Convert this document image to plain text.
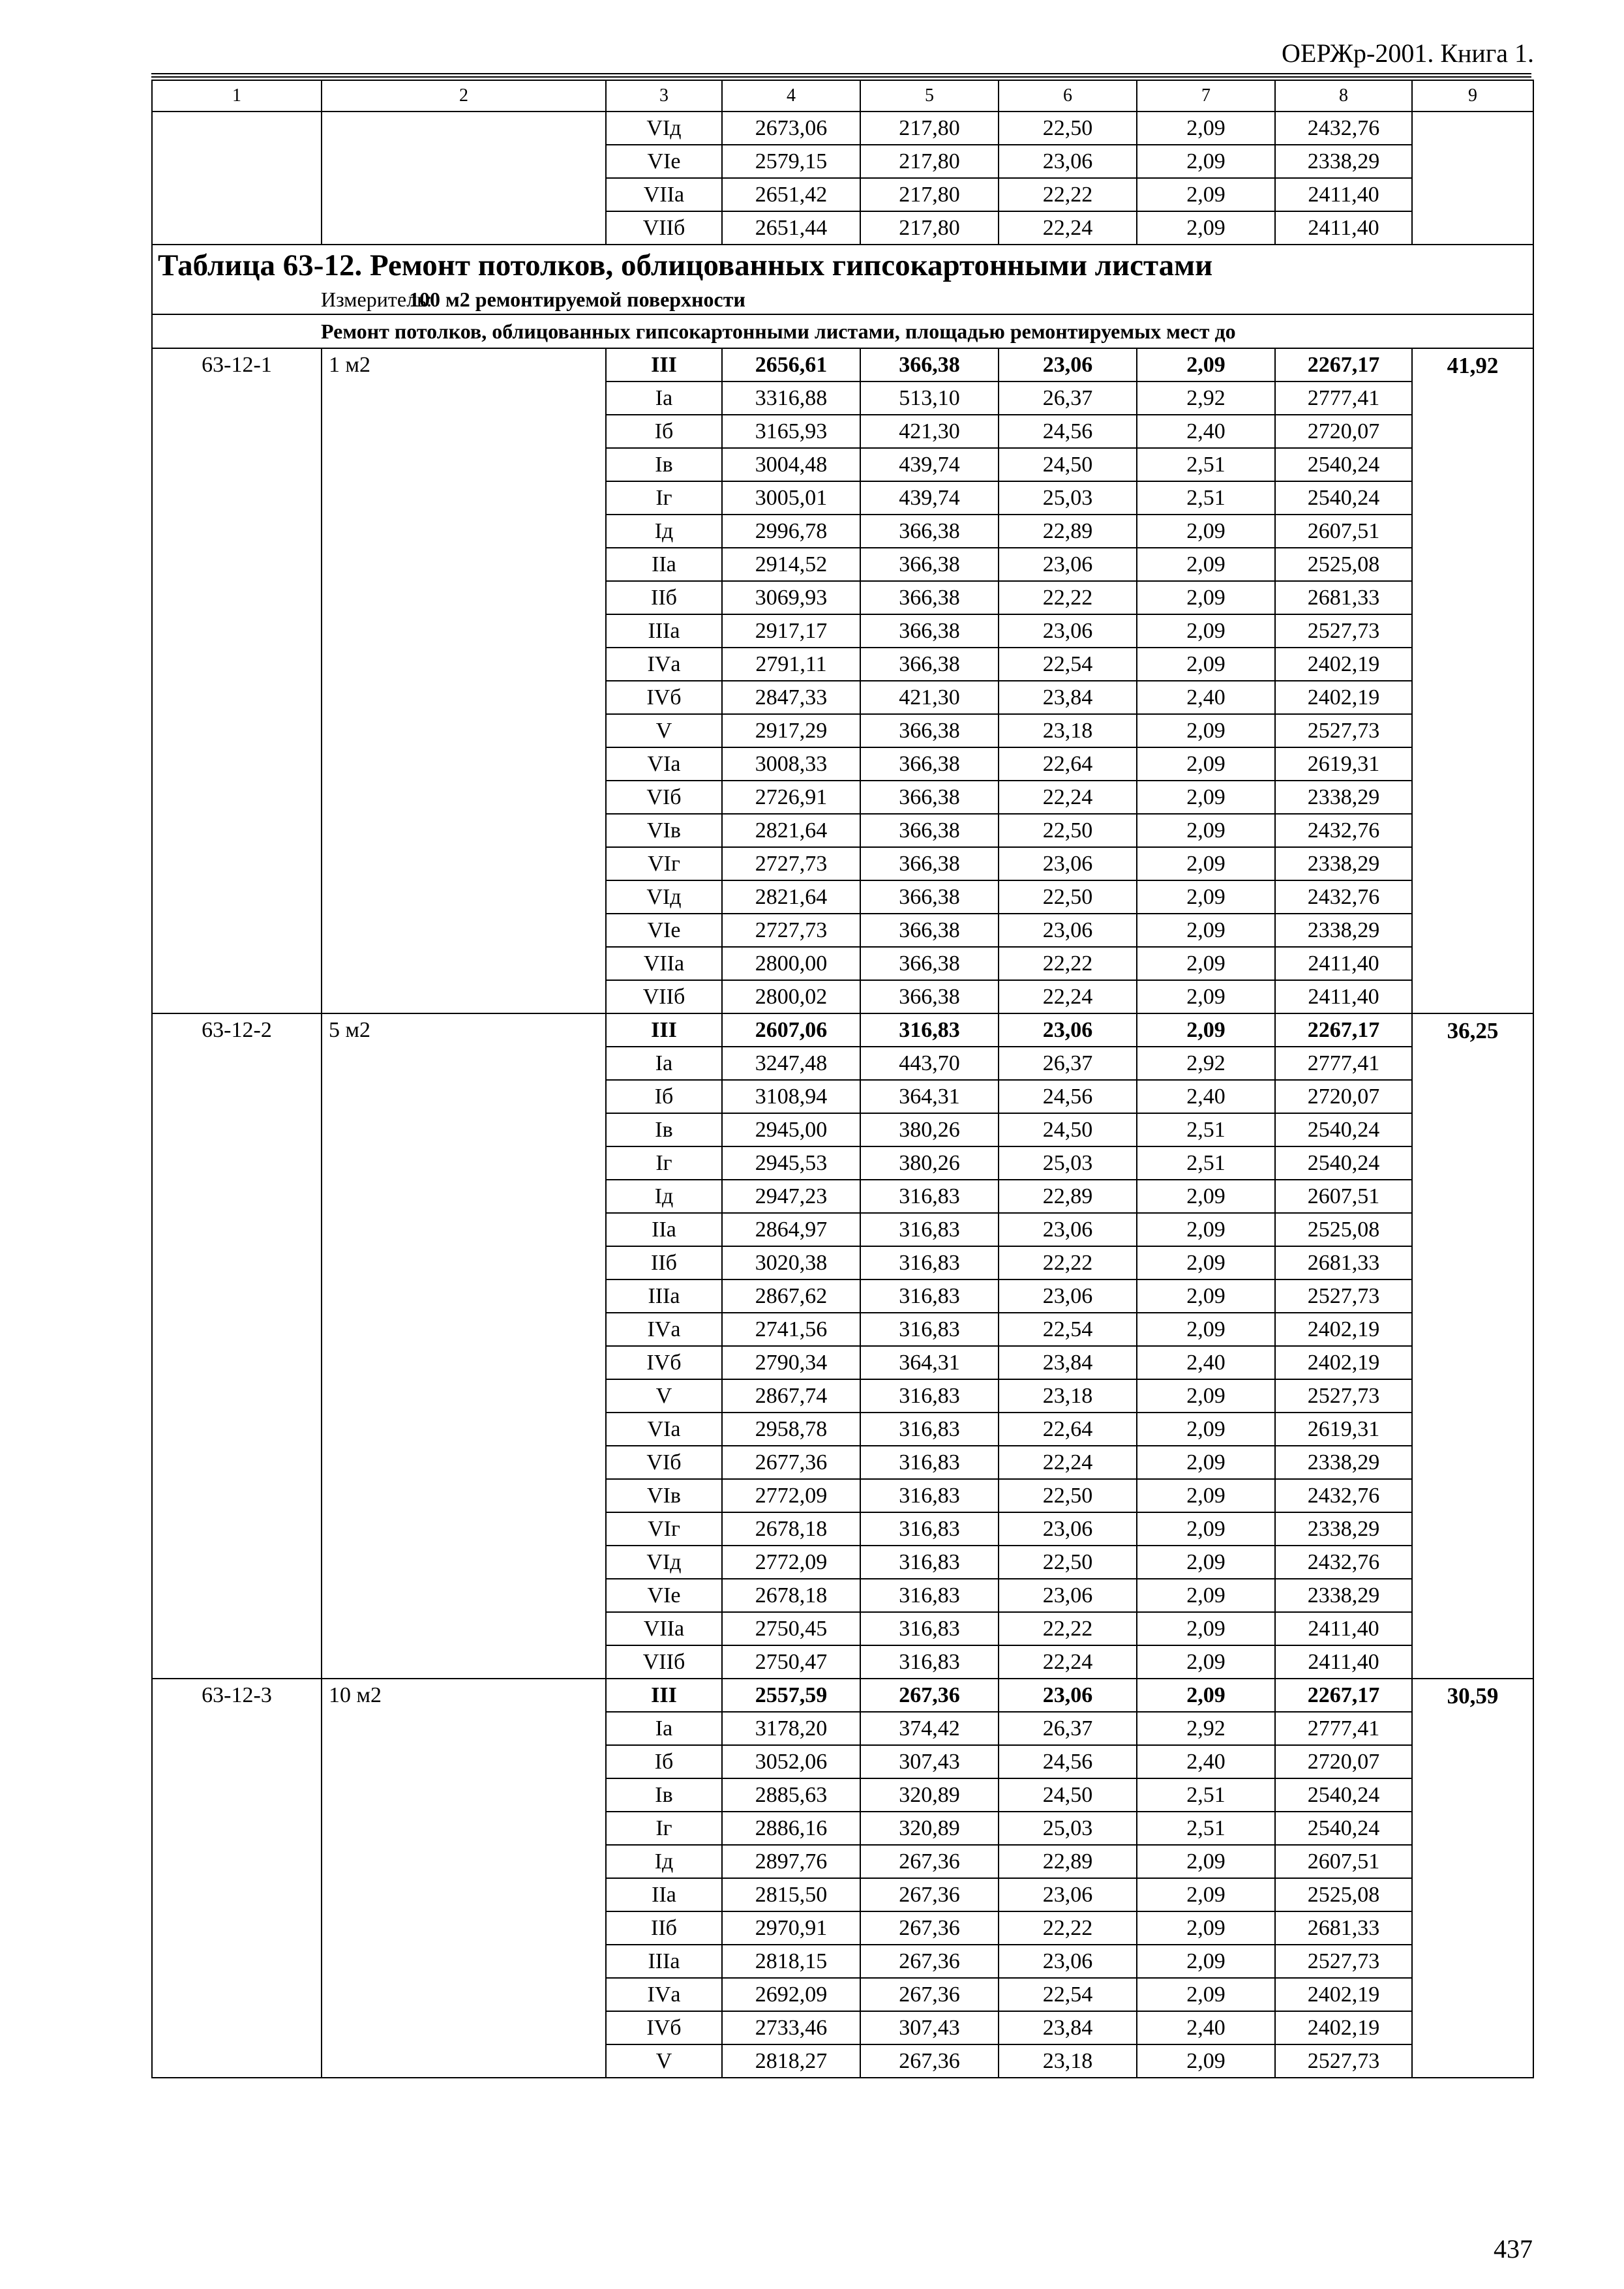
ОЕРЖр-2001. Книга 1.
1	2	3	4	5	6	7	8	9
		VIд	2673,06	217,80	22,50	2,09	2432,76	
		VIе	2579,15	217,80	23,06	2,09	2338,29	
		VIIа	2651,42	217,80	22,22	2,09	2411,40	
		VIIб	2651,44	217,80	22,24	2,09	2411,40	

Таблица 63-12. Ремонт потолков, облицованных гипсокартонными листами
Измеритель:100 м2 ремонтируемой поверхности								

Ремонт потолков, облицованных гипсокартонными листами, площадью ремонтируемых мест до								
63-12-1	1 м2	III	2656,61	366,38	23,06	2,09	2267,17	41,92
		Iа	3316,88	513,10	26,37	2,92	2777,41	
		Iб	3165,93	421,30	24,56	2,40	2720,07	
		Iв	3004,48	439,74	24,50	2,51	2540,24	
		Iг	3005,01	439,74	25,03	2,51	2540,24	
		Iд	2996,78	366,38	22,89	2,09	2607,51	
		IIа	2914,52	366,38	23,06	2,09	2525,08	
		IIб	3069,93	366,38	22,22	2,09	2681,33	
		IIIа	2917,17	366,38	23,06	2,09	2527,73	
		IVа	2791,11	366,38	22,54	2,09	2402,19	
		IVб	2847,33	421,30	23,84	2,40	2402,19	
		V	2917,29	366,38	23,18	2,09	2527,73	
		VIа	3008,33	366,38	22,64	2,09	2619,31	
		VIб	2726,91	366,38	22,24	2,09	2338,29	
		VIв	2821,64	366,38	22,50	2,09	2432,76	
		VIг	2727,73	366,38	23,06	2,09	2338,29	
		VIд	2821,64	366,38	22,50	2,09	2432,76	
		VIе	2727,73	366,38	23,06	2,09	2338,29	
		VIIа	2800,00	366,38	22,22	2,09	2411,40	
		VIIб	2800,02	366,38	22,24	2,09	2411,40	
63-12-2	5 м2	III	2607,06	316,83	23,06	2,09	2267,17	36,25
		Iа	3247,48	443,70	26,37	2,92	2777,41	
		Iб	3108,94	364,31	24,56	2,40	2720,07	
		Iв	2945,00	380,26	24,50	2,51	2540,24	
		Iг	2945,53	380,26	25,03	2,51	2540,24	
		Iд	2947,23	316,83	22,89	2,09	2607,51	
		IIа	2864,97	316,83	23,06	2,09	2525,08	
		IIб	3020,38	316,83	22,22	2,09	2681,33	
		IIIа	2867,62	316,83	23,06	2,09	2527,73	
		IVа	2741,56	316,83	22,54	2,09	2402,19	
		IVб	2790,34	364,31	23,84	2,40	2402,19	
		V	2867,74	316,83	23,18	2,09	2527,73	
		VIа	2958,78	316,83	22,64	2,09	2619,31	
		VIб	2677,36	316,83	22,24	2,09	2338,29	
		VIв	2772,09	316,83	22,50	2,09	2432,76	
		VIг	2678,18	316,83	23,06	2,09	2338,29	
		VIд	2772,09	316,83	22,50	2,09	2432,76	
		VIе	2678,18	316,83	23,06	2,09	2338,29	
		VIIа	2750,45	316,83	22,22	2,09	2411,40	
		VIIб	2750,47	316,83	22,24	2,09	2411,40	
63-12-3	10 м2	III	2557,59	267,36	23,06	2,09	2267,17	30,59
		Iа	3178,20	374,42	26,37	2,92	2777,41	
		Iб	3052,06	307,43	24,56	2,40	2720,07	
		Iв	2885,63	320,89	24,50	2,51	2540,24	
		Iг	2886,16	320,89	25,03	2,51	2540,24	
		Iд	2897,76	267,36	22,89	2,09	2607,51	
		IIа	2815,50	267,36	23,06	2,09	2525,08	
		IIб	2970,91	267,36	22,22	2,09	2681,33	
		IIIа	2818,15	267,36	23,06	2,09	2527,73	
		IVа	2692,09	267,36	22,54	2,09	2402,19	
		IVб	2733,46	307,43	23,84	2,40	2402,19	
		V	2818,27	267,36	23,18	2,09	2527,73	
437
